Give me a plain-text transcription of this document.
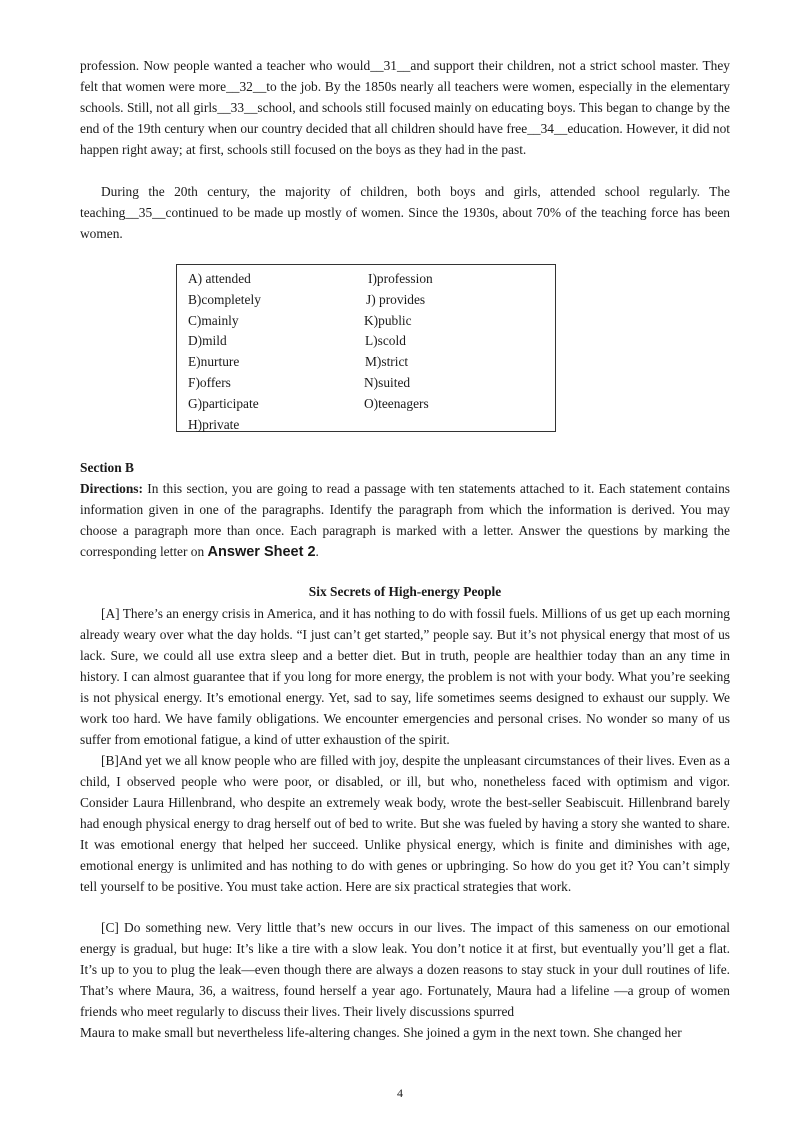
profession. Now people wanted a teacher who would__31__and support their children, not a strict school master. They felt that women were more__32__to the job. By the 1850s nearly all teachers were women, especially in the elementary schools. Still, not all girls__33__school, and schools still focused mainly on educating boys. This began to change by the end of the 19th century when our country decided that all children should have free__34__education. However, it did not happen right away; at first, schools still focused on the boys as they had in the past.

During the 20th century, the majority of children, both boys and girls, attended school regularly. The teaching__35__continued to be made up mostly of women. Since the 1930s, about 70% of the teaching force has been women.

A) attended
B)completely
C)mainly
D)mild
E)nurture
F)offers
G)participate
H)private
I)profession
J) provides
K)public
L)scold
M)strict
N)suited
O)teenagers
Section B

Directions: In this section, you are going to read a passage with ten statements attached to it. Each statement contains information given in one of the paragraphs. Identify the paragraph from which the information is derived. You may choose a paragraph more than once. Each paragraph is marked with a letter. Answer the questions by marking the corresponding letter on Answer Sheet 2.

Six Secrets of High-energy People

[A] There’s an energy crisis in America, and it has nothing to do with fossil fuels. Millions of us get up each morning already weary over what the day holds. “I just can’t get started,” people say. But it’s not physical energy that most of us lack. Sure, we could all use extra sleep and a better diet. But in truth, people are healthier today than an any time in history. I can almost guarantee that if you long for more energy, the problem is not with your body. What you’re seeking is not physical energy. It’s emotional energy. Yet, sad to say, life sometimes seems designed to exhaust our supply. We work too hard. We have family obligations. We encounter emergencies and personal crises. No wonder so many of us suffer from emotional fatigue, a kind of utter exhaustion of the spirit.

[B]And yet we all know people who are filled with joy, despite the unpleasant circumstances of their lives. Even as a child, I observed people who were poor, or disabled, or ill, but who, nonetheless faced with optimism and vigor. Consider Laura Hillenbrand, who despite an extremely weak body, wrote the best-seller Seabiscuit. Hillenbrand barely had enough physical energy to drag herself out of bed to write. But she was fueled by having a story she wanted to share. It was emotional energy that helped her succeed. Unlike physical energy, which is finite and diminishes with age, emotional energy is unlimited and has nothing to do with genes or upbringing. So how do you get it? You can’t simply tell yourself to be positive. You must take action. Here are six practical strategies that work.

[C] Do something new. Very little that’s new occurs in our lives. The impact of this sameness on our emotional energy is gradual, but huge: It’s like a tire with a slow leak. You don’t notice it at first, but eventually you’ll get a flat. It’s up to you to plug the leak—even though there are always a dozen reasons to stay stuck in your dull routines of life. That’s where Maura, 36, a waitress, found herself a year ago. Fortunately, Maura had a lifeline —a group of women friends who meet regularly to discuss their lives. Their lively discussions spurred

Maura to make small but nevertheless life-altering changes. She joined a gym in the next town. She changed her

4
